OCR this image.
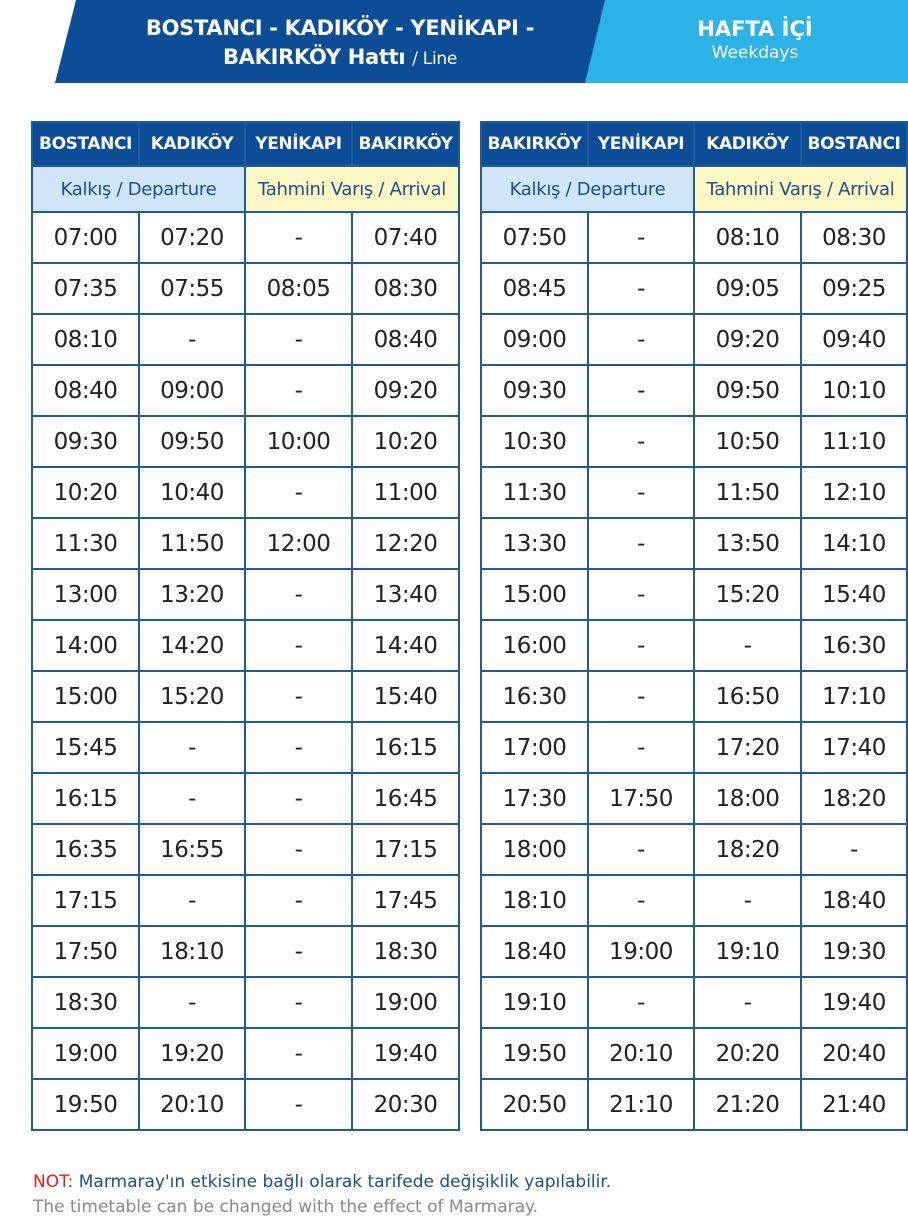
BOSTANCI - KADIKÖY - YENİKAPI -
BAKIRKÖY Hattı / Line
HAFTA İÇİ
Weekdays
BOSTANCI	KADIKÖY	YENİKAPI	BAKIRKÖY
Kalkış / Departure		Tahmini Varış / Arrival	
07:00	07:20	-	07:40
07:35	07:55	08:05	08:30
08:10	-	-	08:40
08:40	09:00	-	09:20
09:30	09:50	10:00	10:20
10:20	10:40	-	11:00
11:30	11:50	12:00	12:20
13:00	13:20	-	13:40
14:00	14:20	-	14:40
15:00	15:20	-	15:40
15:45	-	-	16:15
16:15	-	-	16:45
16:35	16:55	-	17:15
17:15	-	-	17:45
17:50	18:10	-	18:30
18:30	-	-	19:00
19:00	19:20	-	19:40
19:50	20:10	-	20:30
BAKIRKÖY	YENİKAPI	KADIKÖY	BOSTANCI
Kalkış / Departure		Tahmini Varış / Arrival	
07:50	-	08:10	08:30
08:45	-	09:05	09:25
09:00	-	09:20	09:40
09:30	-	09:50	10:10
10:30	-	10:50	11:10
11:30	-	11:50	12:10
13:30	-	13:50	14:10
15:00	-	15:20	15:40
16:00	-	-	16:30
16:30	-	16:50	17:10
17:00	-	17:20	17:40
17:30	17:50	18:00	18:20
18:00	-	18:20	-
18:10	-	-	18:40
18:40	19:00	19:10	19:30
19:10	-	-	19:40
19:50	20:10	20:20	20:40
20:50	21:10	21:20	21:40
NOT: Marmaray'ın etkisine bağlı olarak tarifede değişiklik yapılabilir.
The timetable can be changed with the effect of Marmaray.
